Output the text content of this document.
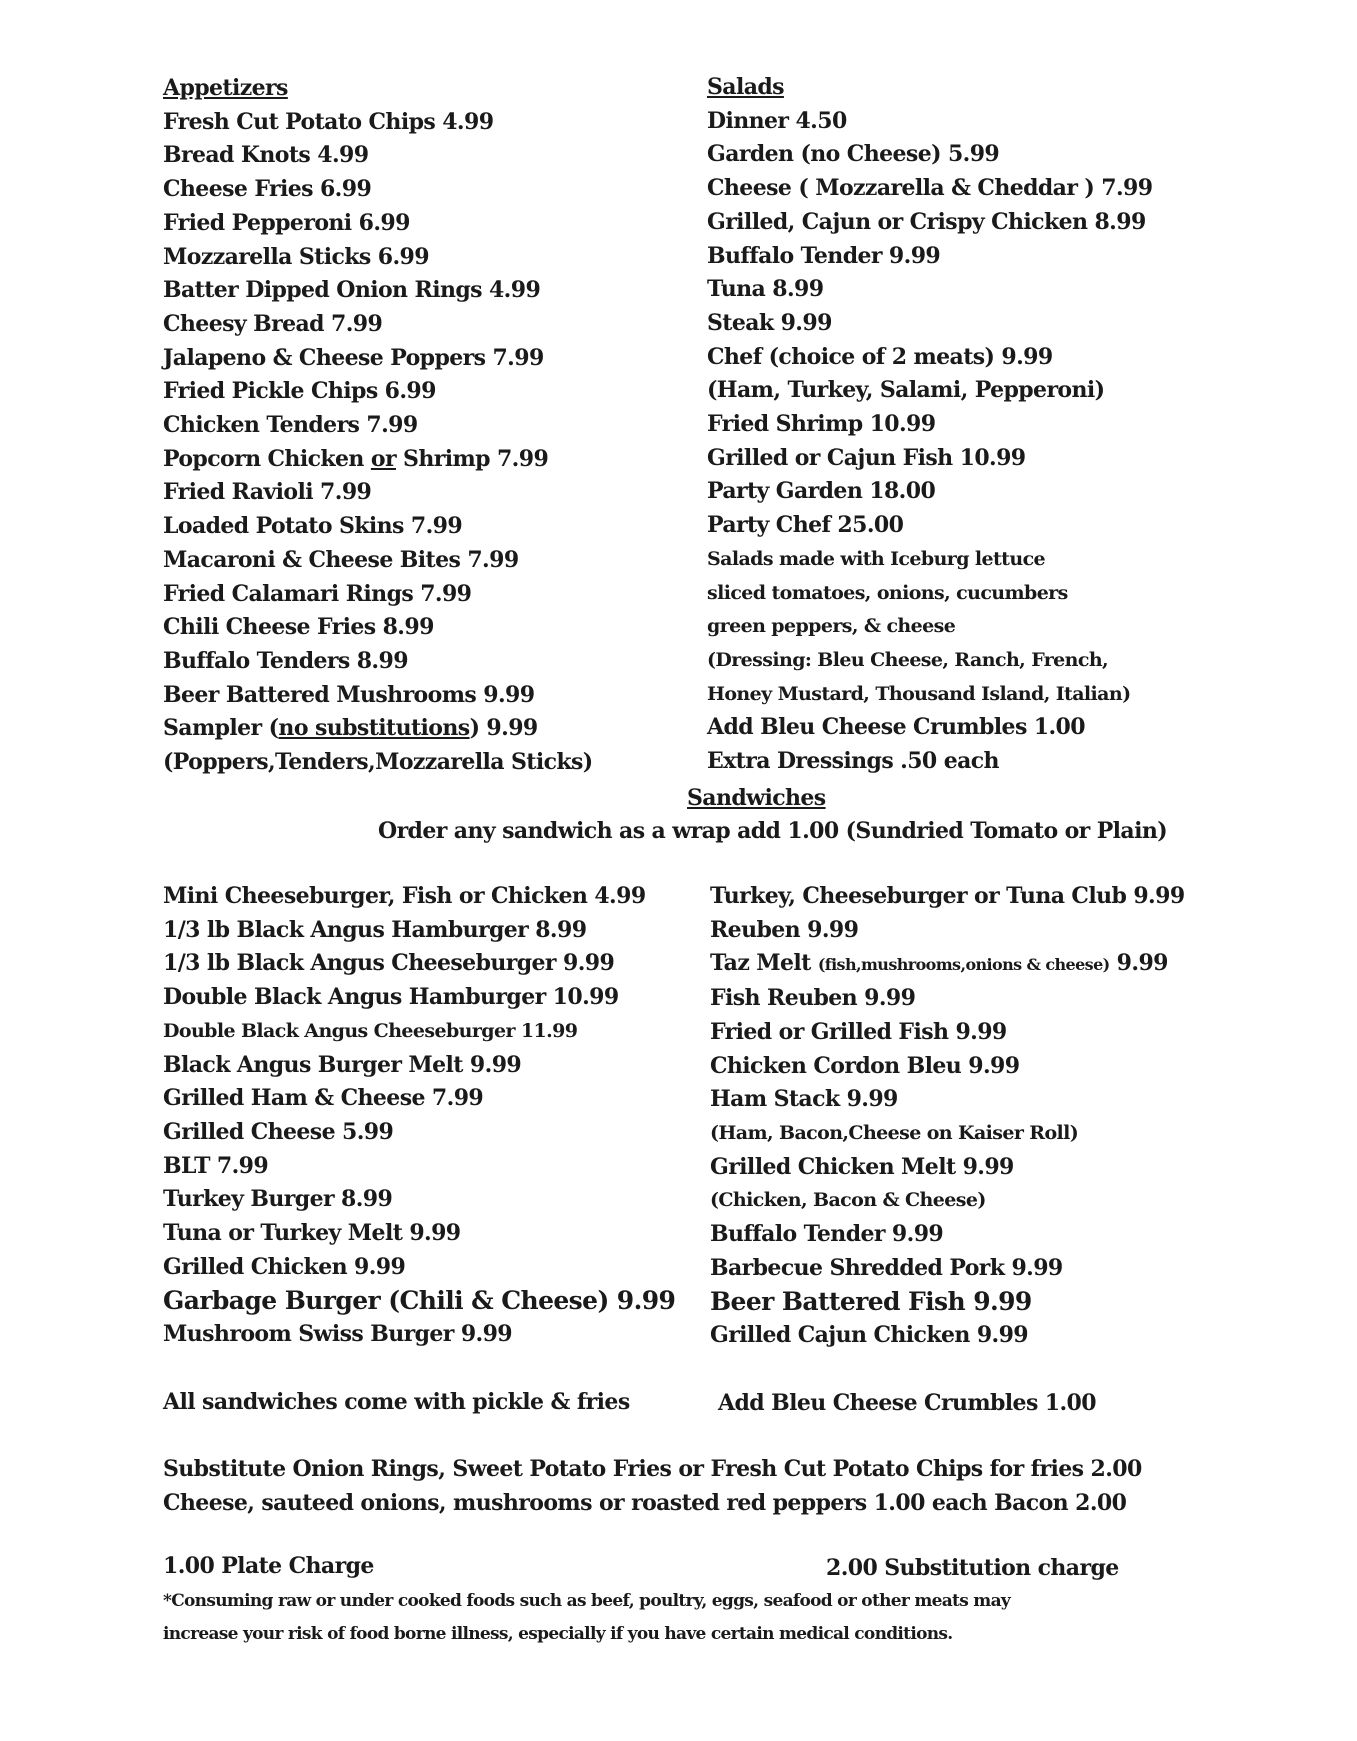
Appetizers
Fresh Cut Potato Chips 4.99
Bread Knots 4.99
Cheese Fries 6.99
Fried Pepperoni 6.99
Mozzarella Sticks 6.99
Batter Dipped Onion Rings 4.99
Cheesy Bread 7.99
Jalapeno & Cheese Poppers 7.99
Fried Pickle Chips 6.99
Chicken Tenders 7.99
Popcorn Chicken or Shrimp 7.99
Fried Ravioli 7.99
Loaded Potato Skins 7.99
Macaroni & Cheese Bites 7.99
Fried Calamari Rings 7.99
Chili Cheese Fries 8.99
Buffalo Tenders 8.99
Beer Battered Mushrooms 9.99
Sampler (no substitutions) 9.99
(Poppers,Tenders,Mozzarella Sticks)
Salads
Dinner 4.50
Garden (no Cheese) 5.99
Cheese ( Mozzarella & Cheddar ) 7.99
Grilled, Cajun or Crispy Chicken 8.99
Buffalo Tender 9.99
Tuna 8.99
Steak 9.99
Chef (choice of 2 meats) 9.99
(Ham, Turkey, Salami, Pepperoni)
Fried Shrimp 10.99
Grilled or Cajun Fish 10.99
Party Garden 18.00
Party Chef 25.00
Salads made with Iceburg lettuce
sliced tomatoes, onions, cucumbers
green peppers, & cheese
(Dressing: Bleu Cheese, Ranch, French,
Honey Mustard, Thousand Island, Italian)
Add Bleu Cheese Crumbles 1.00
Extra Dressings .50 each
Sandwiches
Order any sandwich as a wrap add 1.00 (Sundried Tomato or Plain)
Mini Cheeseburger, Fish or Chicken 4.99
1/3 lb Black Angus Hamburger 8.99
1/3 lb Black Angus Cheeseburger 9.99
Double Black Angus Hamburger 10.99
Double Black Angus Cheeseburger 11.99
Black Angus Burger Melt 9.99
Grilled Ham & Cheese 7.99
Grilled Cheese 5.99
BLT 7.99
Turkey Burger 8.99
Tuna or Turkey Melt 9.99
Grilled Chicken 9.99
Garbage Burger (Chili & Cheese) 9.99
Mushroom Swiss Burger 9.99
Turkey, Cheeseburger or Tuna Club 9.99
Reuben 9.99
Taz Melt (fish,mushrooms,onions & cheese) 9.99
Fish Reuben 9.99
Fried or Grilled Fish 9.99
Chicken Cordon Bleu 9.99
Ham Stack 9.99
(Ham, Bacon,Cheese on Kaiser Roll)
Grilled Chicken Melt 9.99
(Chicken, Bacon & Cheese)
Buffalo Tender 9.99
Barbecue Shredded Pork 9.99
Beer Battered Fish 9.99
Grilled Cajun Chicken 9.99
All sandwiches come with pickle & fries	Add Bleu Cheese Crumbles 1.00
Substitute Onion Rings, Sweet Potato Fries or Fresh Cut Potato Chips for fries 2.00
Cheese, sauteed onions, mushrooms or roasted red peppers 1.00 each Bacon 2.00
1.00 Plate Charge	2.00 Substitution charge
*Consuming raw or under cooked foods such as beef, poultry, eggs, seafood or other meats may
increase your risk of food borne illness, especially if you have certain medical conditions.
